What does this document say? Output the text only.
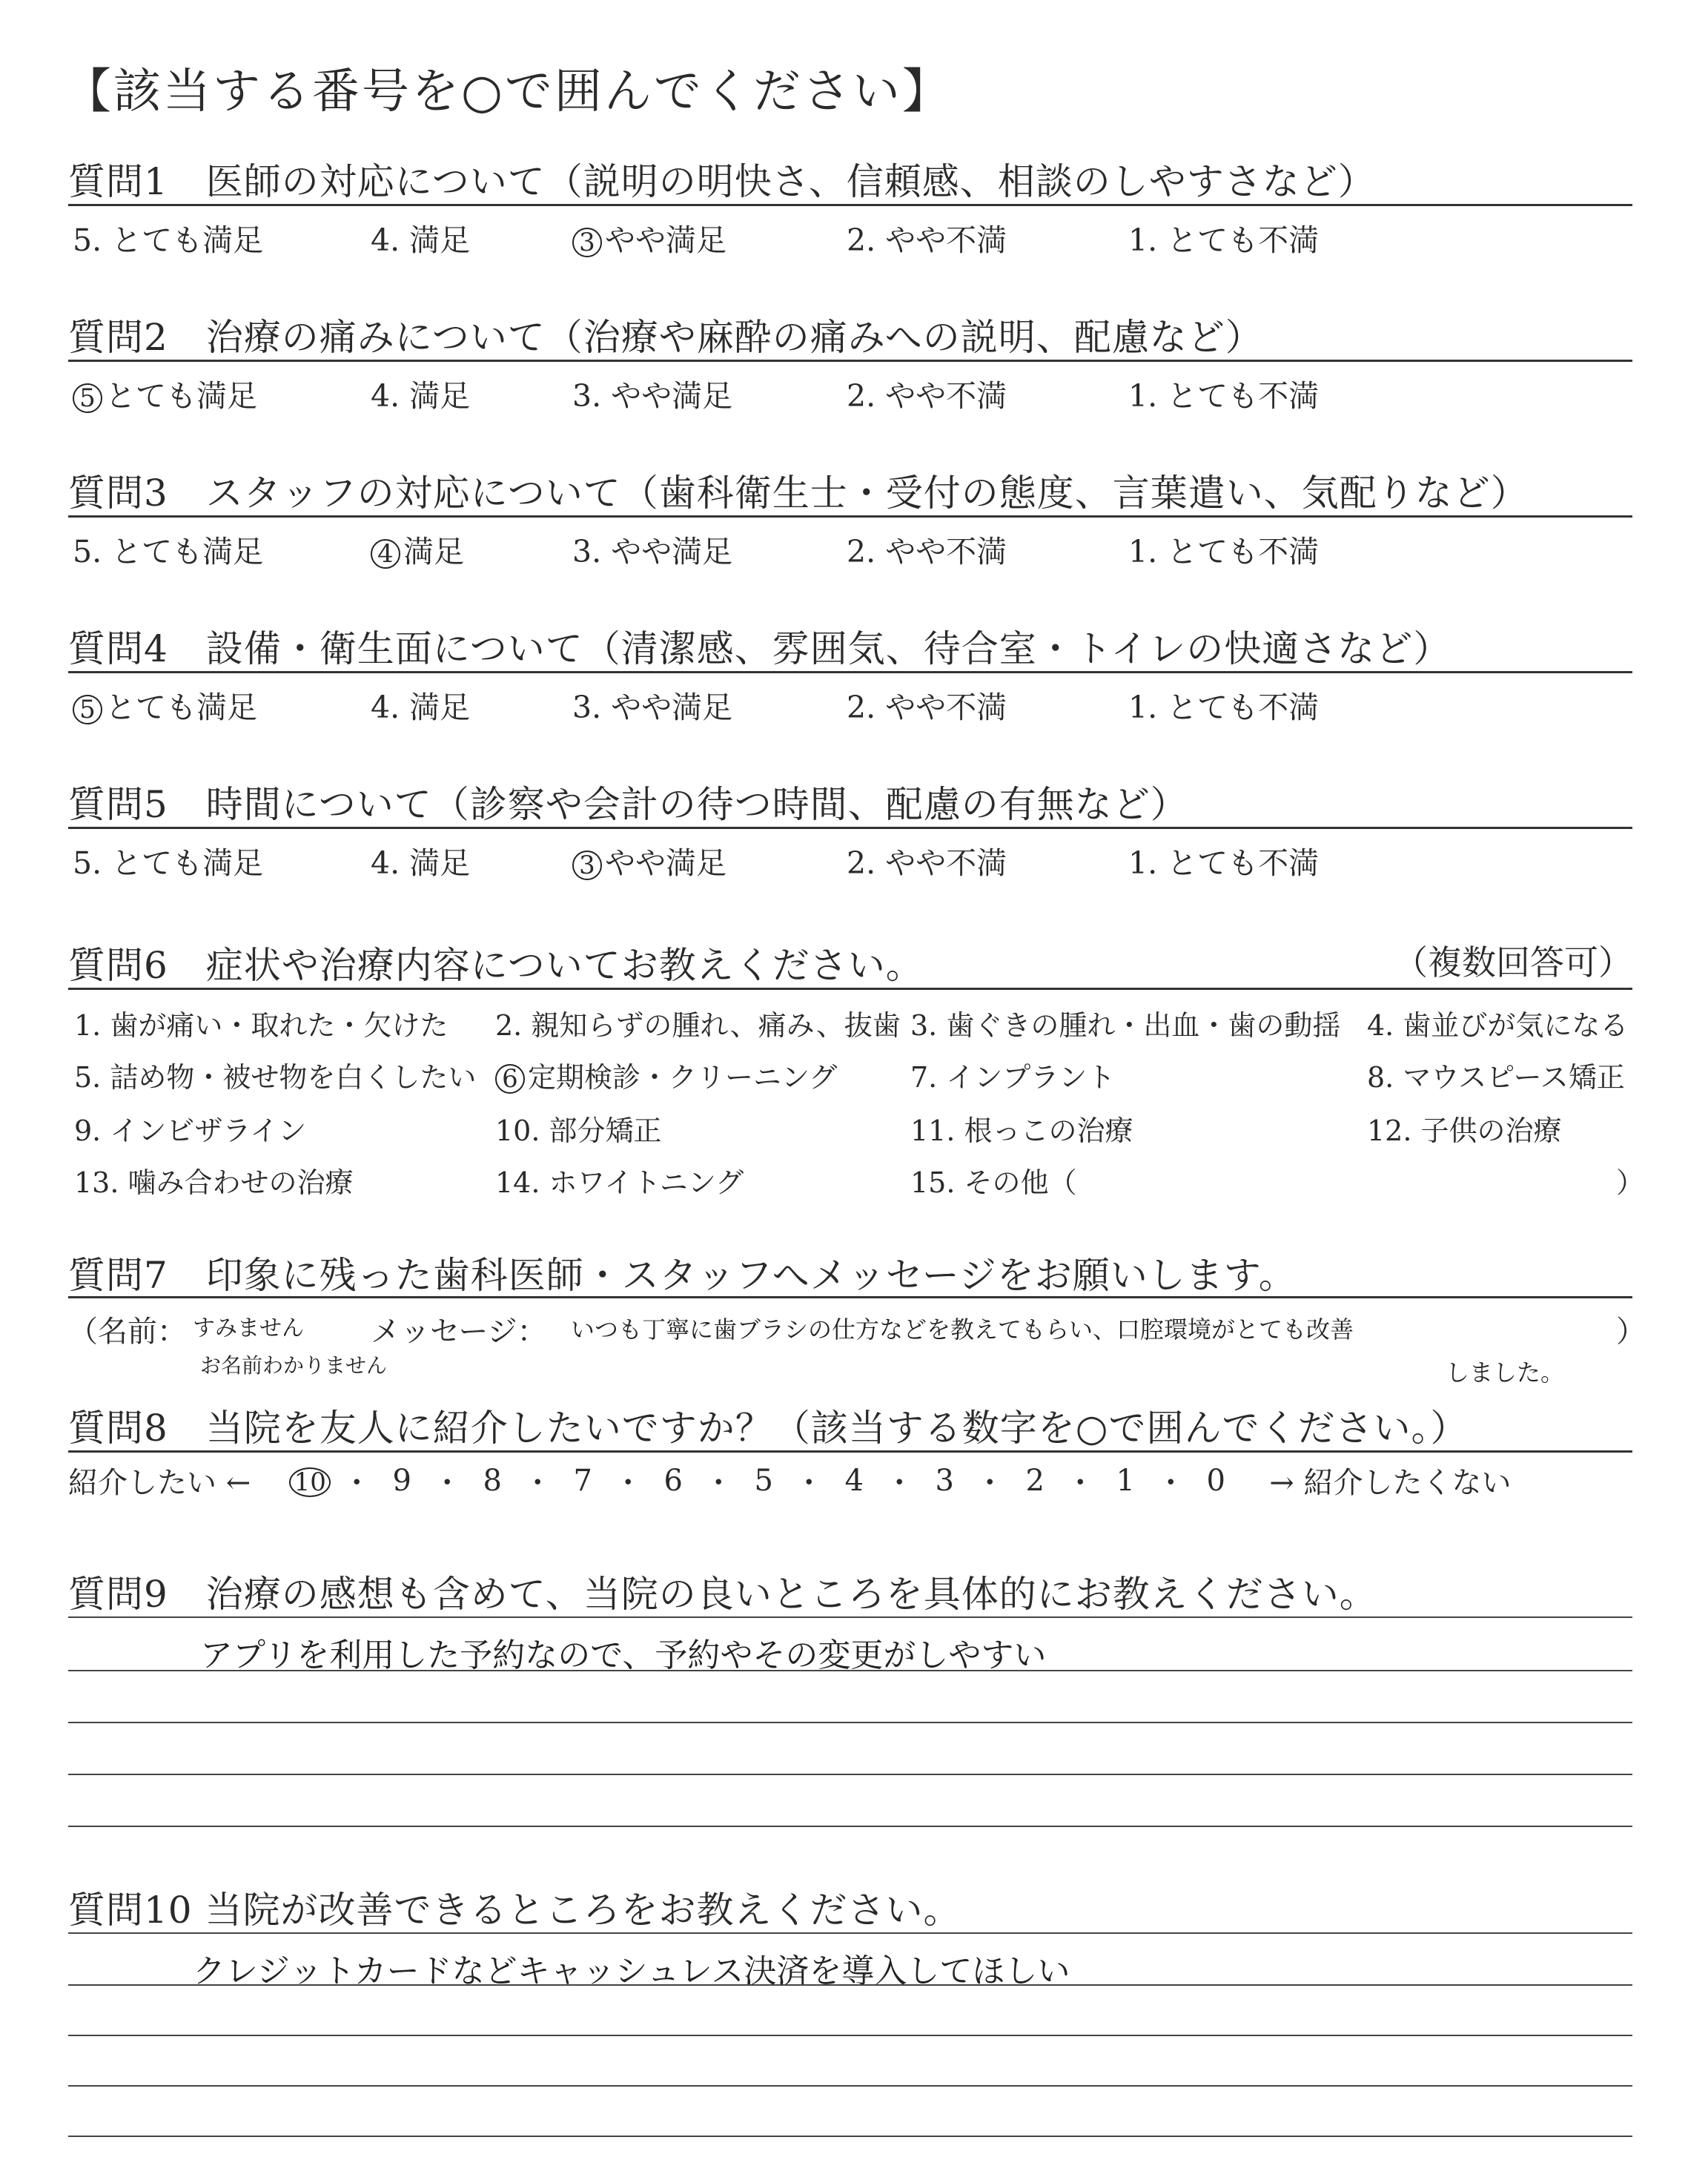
【該当する番号を○で囲んでください】
質問1　医師の対応について（説明の明快さ、信頼感、相談のしやすさなど）
5. とても満足	4. 満足	3 やや満足	2. やや不満	1. とても不満
質問2　治療の痛みについて（治療や麻酔の痛みへの説明、配慮など）
5 とても満足	4. 満足	3. やや満足	2. やや不満	1. とても不満
質問3　スタッフの対応について（歯科衛生士・受付の態度、言葉遣い、気配りなど）
5. とても満足	4 満足	3. やや満足	2. やや不満	1. とても不満
質問4　設備・衛生面について（清潔感、雰囲気、待合室・トイレの快適さなど）
5 とても満足	4. 満足	3. やや満足	2. やや不満	1. とても不満
質問5　時間について（診察や会計の待つ時間、配慮の有無など）
5. とても満足	4. 満足	3 やや満足	2. やや不満	1. とても不満
質問6　症状や治療内容についてお教えください。	（複数回答可）
1. 歯が痛い・取れた・欠けた 2. 親知らずの腫れ、痛み、抜歯 3. 歯ぐきの腫れ・出血・歯の動揺 4. 歯並びが気になる
5. 詰め物・被せ物を白くしたい 6 定期検診・クリーニング	7. インプラント	8. マウスピース矯正
9. インビザライン	10. 部分矯正	11. 根っこの治療	12. 子供の治療
13. 噛み合わせの治療	14. ホワイトニング	15. その他（	）
質問7　印象に残った歯科医師・スタッフへメッセージをお願いします。
（名前： すみません
お名前わかりません
メッセージ： いつも丁寧に歯ブラシの仕方などを教えてもらい、口腔環境がとても改善
しました。
）
質問8　当院を友人に紹介したいですか？（該当する数字を○で囲んでください。）
紹介したい ←	10 ・ 9 ・ 8 ・ 7 ・ 6 ・ 5 ・ 4 ・ 3 ・ 2 ・ 1 ・ 0	→ 紹介したくない
質問9　治療の感想も含めて、当院の良いところを具体的にお教えください。
アプリを利用した予約なので、予約やその変更がしやすい
質問10 当院が改善できるところをお教えください。
クレジットカードなどキャッシュレス決済を導入してほしい
